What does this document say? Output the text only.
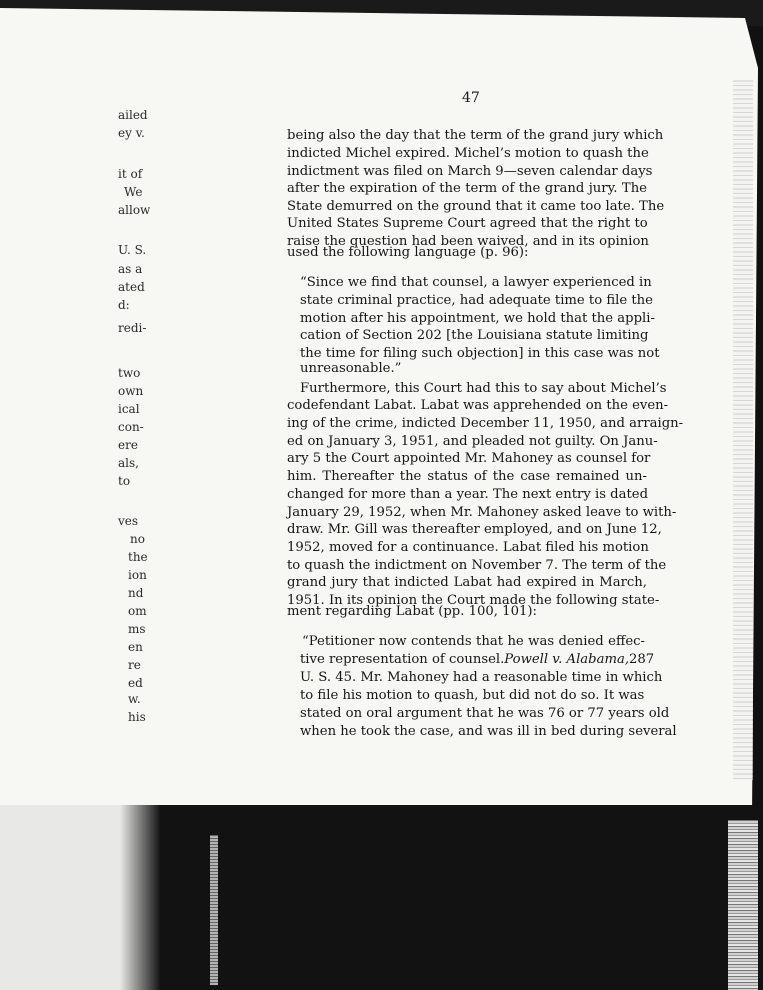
ailed
ey v.
it of
We
allow
U. S.
as a
ated
d:
redi-
two
own
ical
con-
ere
als,
to
ves
no
the
ion
nd
om
ms
en
re
ed
w.
his
47
being also the day that the term of the grand jury which
indicted Michel expired. Michel’s motion to quash the
indictment was filed on March 9—seven calendar days
after the expiration of the term of the grand jury. The
State demurred on the ground that it came too late. The
United States Supreme Court agreed that the right to
raise the question had been waived, and in its opinion
used the following language (p. 96):
“Since we find that counsel, a lawyer experienced in
state criminal practice, had adequate time to file the
motion after his appointment, we hold that the appli-
cation of Section 202 [the Louisiana statute limiting
the time for filing such objection] in this case was not
unreasonable.”
Furthermore, this Court had this to say about Michel’s
codefendant Labat. Labat was apprehended on the even-
ing of the crime, indicted December 11, 1950, and arraign-
ed on January 3, 1951, and pleaded not guilty. On Janu-
ary 5 the Court appointed Mr. Mahoney as counsel for
him. Thereafter the status of the case remained un-
changed for more than a year. The next entry is dated
January 29, 1952, when Mr. Mahoney asked leave to with-
draw. Mr. Gill was thereafter employed, and on June 12,
1952, moved for a continuance. Labat filed his motion
to quash the indictment on November 7. The term of the
grand jury that indicted Labat had expired in March,
1951. In its opinion the Court made the following state-
ment regarding Labat (pp. 100, 101):
“Petitioner now contends that he was denied effec-
tive representation of counsel. Powell v. Alabama, 287
U. S. 45. Mr. Mahoney had a reasonable time in which
to file his motion to quash, but did not do so. It was
stated on oral argument that he was 76 or 77 years old
when he took the case, and was ill in bed during several
